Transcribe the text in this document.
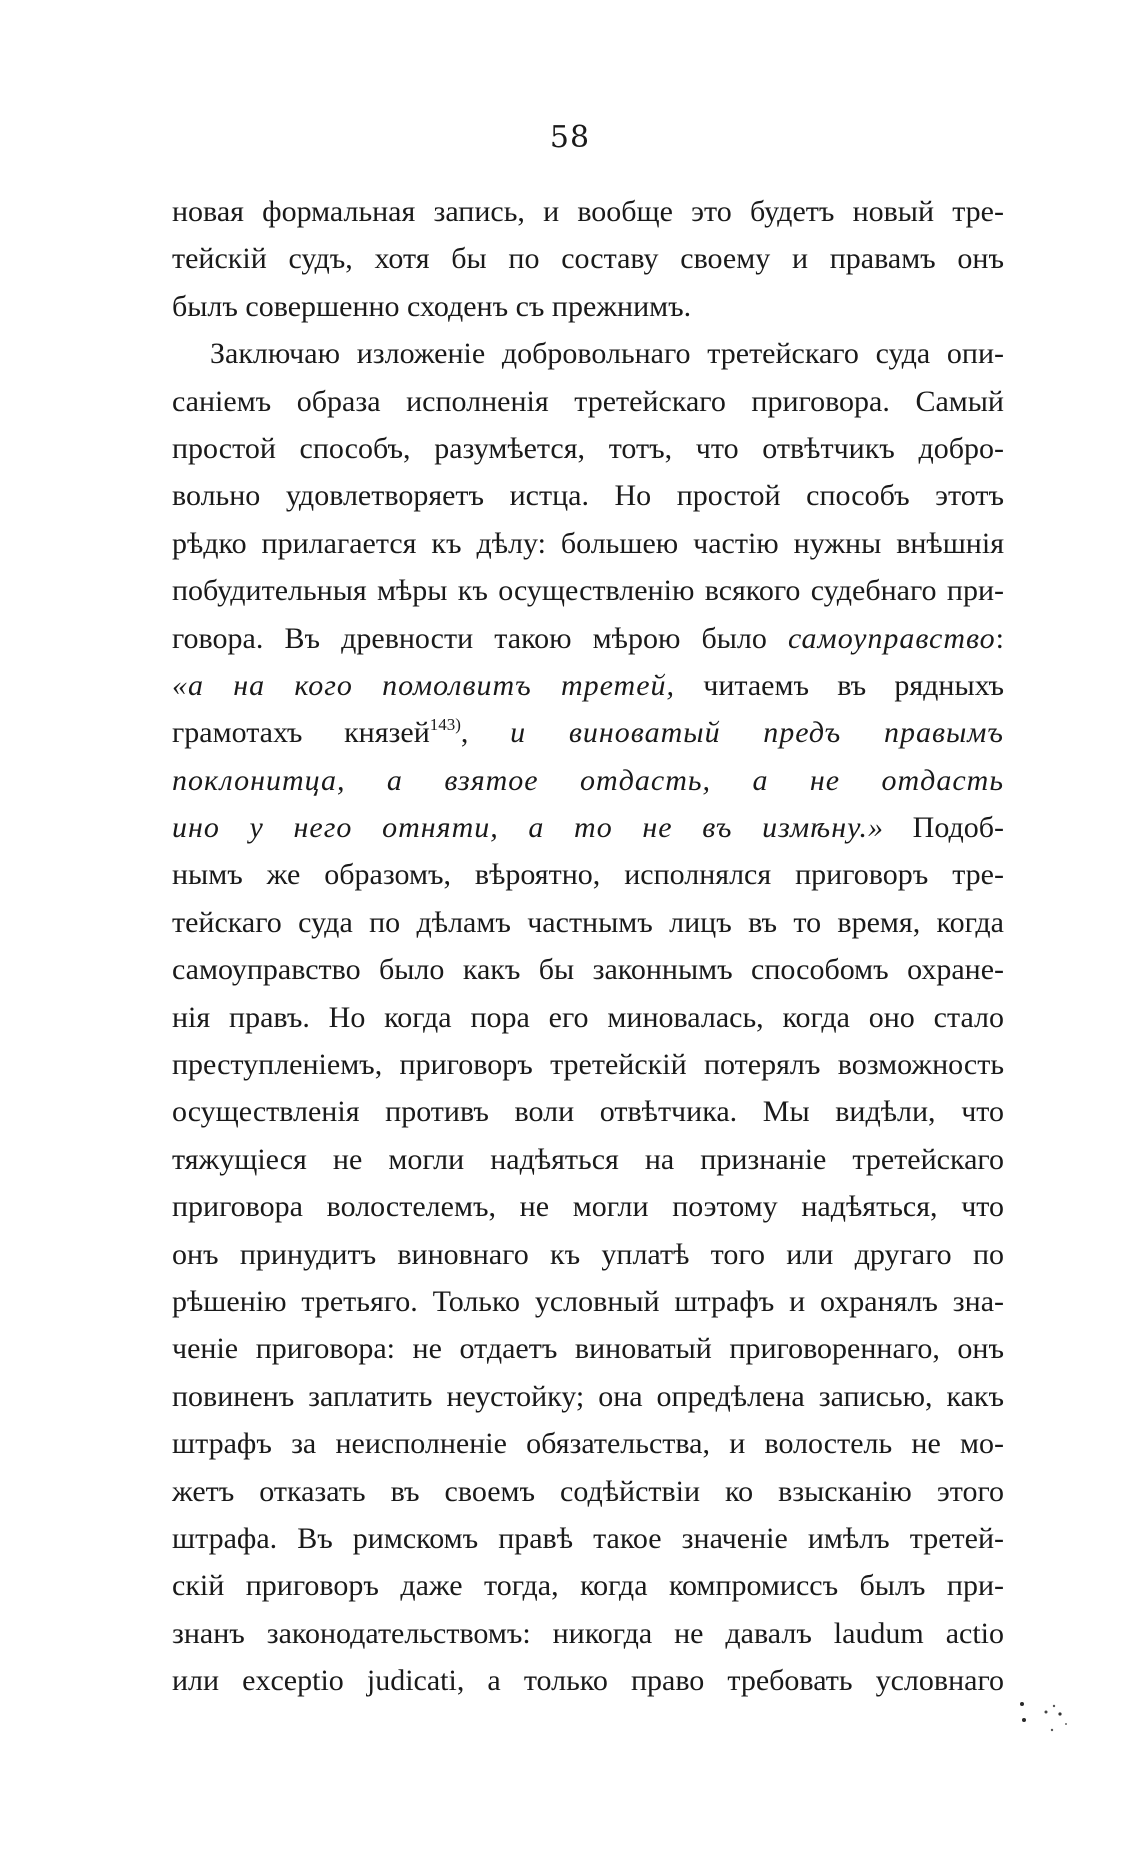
58
новая формальная запись, и вообще это будетъ новый тре-
тейскій судъ, хотя бы по составу своему и правамъ онъ
былъ совершенно сходенъ съ прежнимъ.
Заключаю изложеніе добровольнаго третейскаго суда опи-
саніемъ образа исполненія третейскаго приговора. Самый
простой способъ, разумѣется, тотъ, что отвѣтчикъ добро-
вольно удовлетворяетъ истца. Но простой способъ этотъ
рѣдко прилагается къ дѣлу: большею частію нужны внѣшнія
побудительныя мѣры къ осуществленію всякого судебнаго при-
говора. Въ древности такою мѣрою было самоуправство:
«а на кого помолвитъ третей, читаемъ въ рядныхъ
грамотахъ князей$^{143)}$, и виноватый предъ правымъ
поклонитца, а взятое отдасть, а не отдасть
ино у него отняти, а то не въ измѣну.» Подоб-
нымъ же образомъ, вѣроятно, исполнялся приговоръ тре-
тейскаго суда по дѣламъ частнымъ лицъ въ то время, когда
самоуправство было какъ бы законнымъ способомъ охране-
нія правъ. Но когда пора его миновалась, когда оно стало
преступленіемъ, приговоръ третейскій потерялъ возможность
осуществленія противъ воли отвѣтчика. Мы видѣли, что
тяжущіеся не могли надѣяться на признаніе третейскаго
приговора волостелемъ, не могли поэтому надѣяться, что
онъ принудитъ виновнаго къ уплатѣ того или другаго по
рѣшенію третьяго. Только условный штрафъ и охранялъ зна-
ченіе приговора: не отдаетъ виноватый приговореннаго, онъ
повиненъ заплатить неустойку; она опредѣлена записью, какъ
штрафъ за неисполненіе обязательства, и волостель не мо-
жетъ отказать въ своемъ содѣйствіи ко взысканію этого
штрафа. Въ римскомъ правѣ такое значеніе имѣлъ третей-
скій приговоръ даже тогда, когда компромиссъ былъ при-
знанъ законодательствомъ: никогда не давалъ laudum actio
или exceptio judicati, а только право требовать условнаго
